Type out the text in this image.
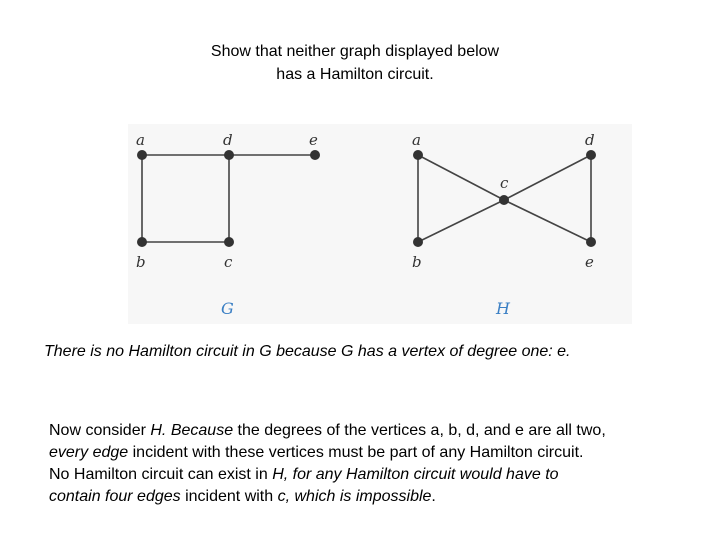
Show that neither graph displayed below
has a Hamilton circuit.
a	d	e
b	c
G
a	d
c
b	e
H
There is no Hamilton circuit in G because G has a vertex of degree one: e.
Now consider H. Because the degrees of the vertices a, b, d, and e are all two,
every edge incident with these vertices must be part of any Hamilton circuit.
No Hamilton circuit can exist in H, for any Hamilton circuit would have to
contain four edges incident with c, which is impossible.
